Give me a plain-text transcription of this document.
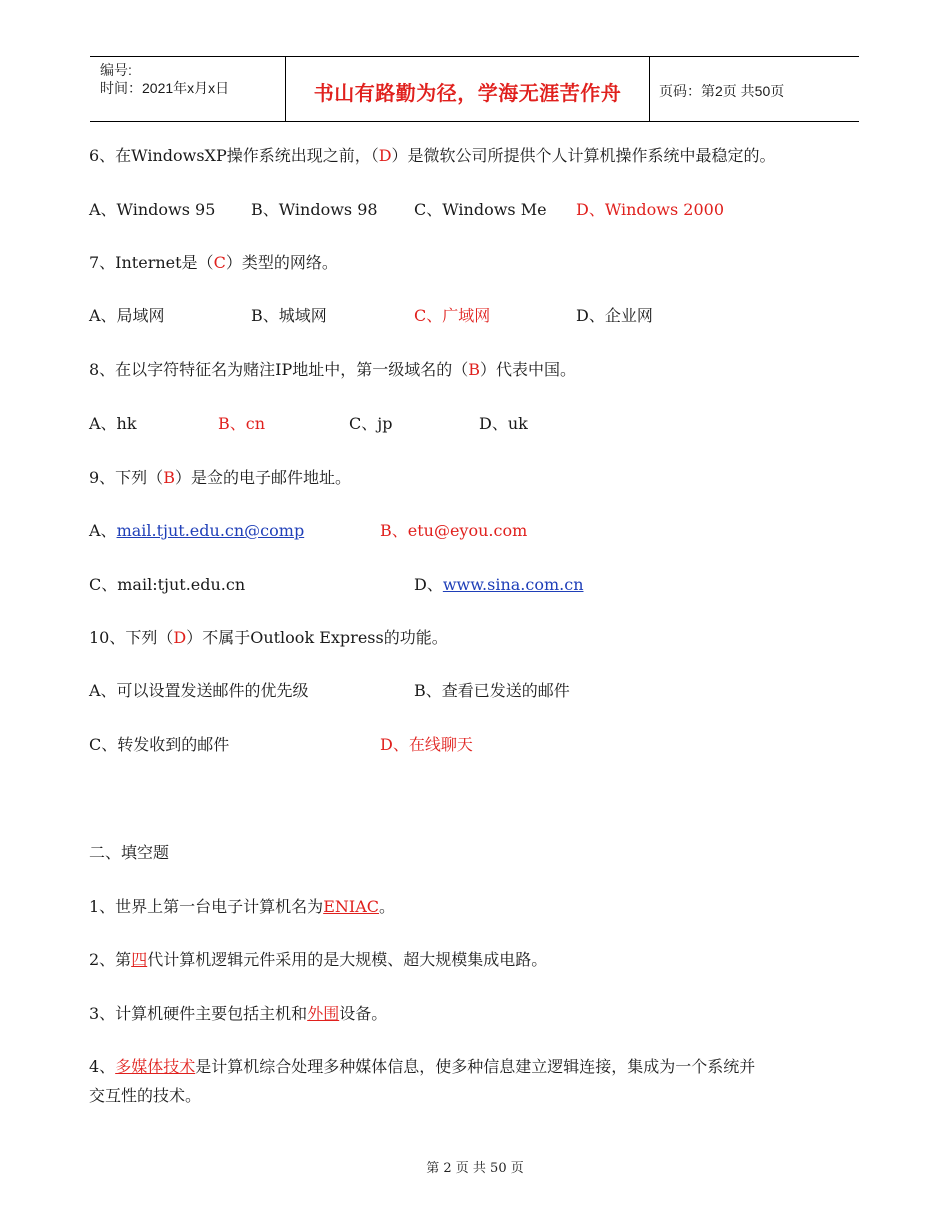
编号:
时间：2021年x月x日	书山有路勤为径，学海无涯苦作舟	页码：第2页 共50页
6、在WindowsXP操作系统出现之前，（D）是微软公司所提供个人计算机操作系统中最稳定的。
A、Windows 95 B、Windows 98 C、Windows Me D、Windows 2000
7、Internet是（C）类型的网络。
A、局域网	B、城域网	C、广域网	D、企业网
8、在以字符特征名为赌注IP地址中，第一级域名的（B）代表中国。
A、hk	B、cn	C、jp	D、uk
9、下列（B）是佥的电子邮件地址。
A、mail.tjut.edu.cn@comp	B、etu@eyou.com
C、mail:tjut.edu.cn	D、www.sina.com.cn
10、下列（D）不属于Outlook Express的功能。
A、可以设置发送邮件的优先级	B、查看已发送的邮件
C、转发收到的邮件	D、在线聊天
二、填空题
1、世界上第一台电子计算机名为ENIAC。
2、第四代计算机逻辑元件采用的是大规模、超大规模集成电路。
3、计算机硬件主要包括主机和外围设备。
4、多媒体技术是计算机综合处理多种媒体信息，使多种信息建立逻辑连接，集成为一个系统并
交互性的技术。
第 2 页 共 50 页
